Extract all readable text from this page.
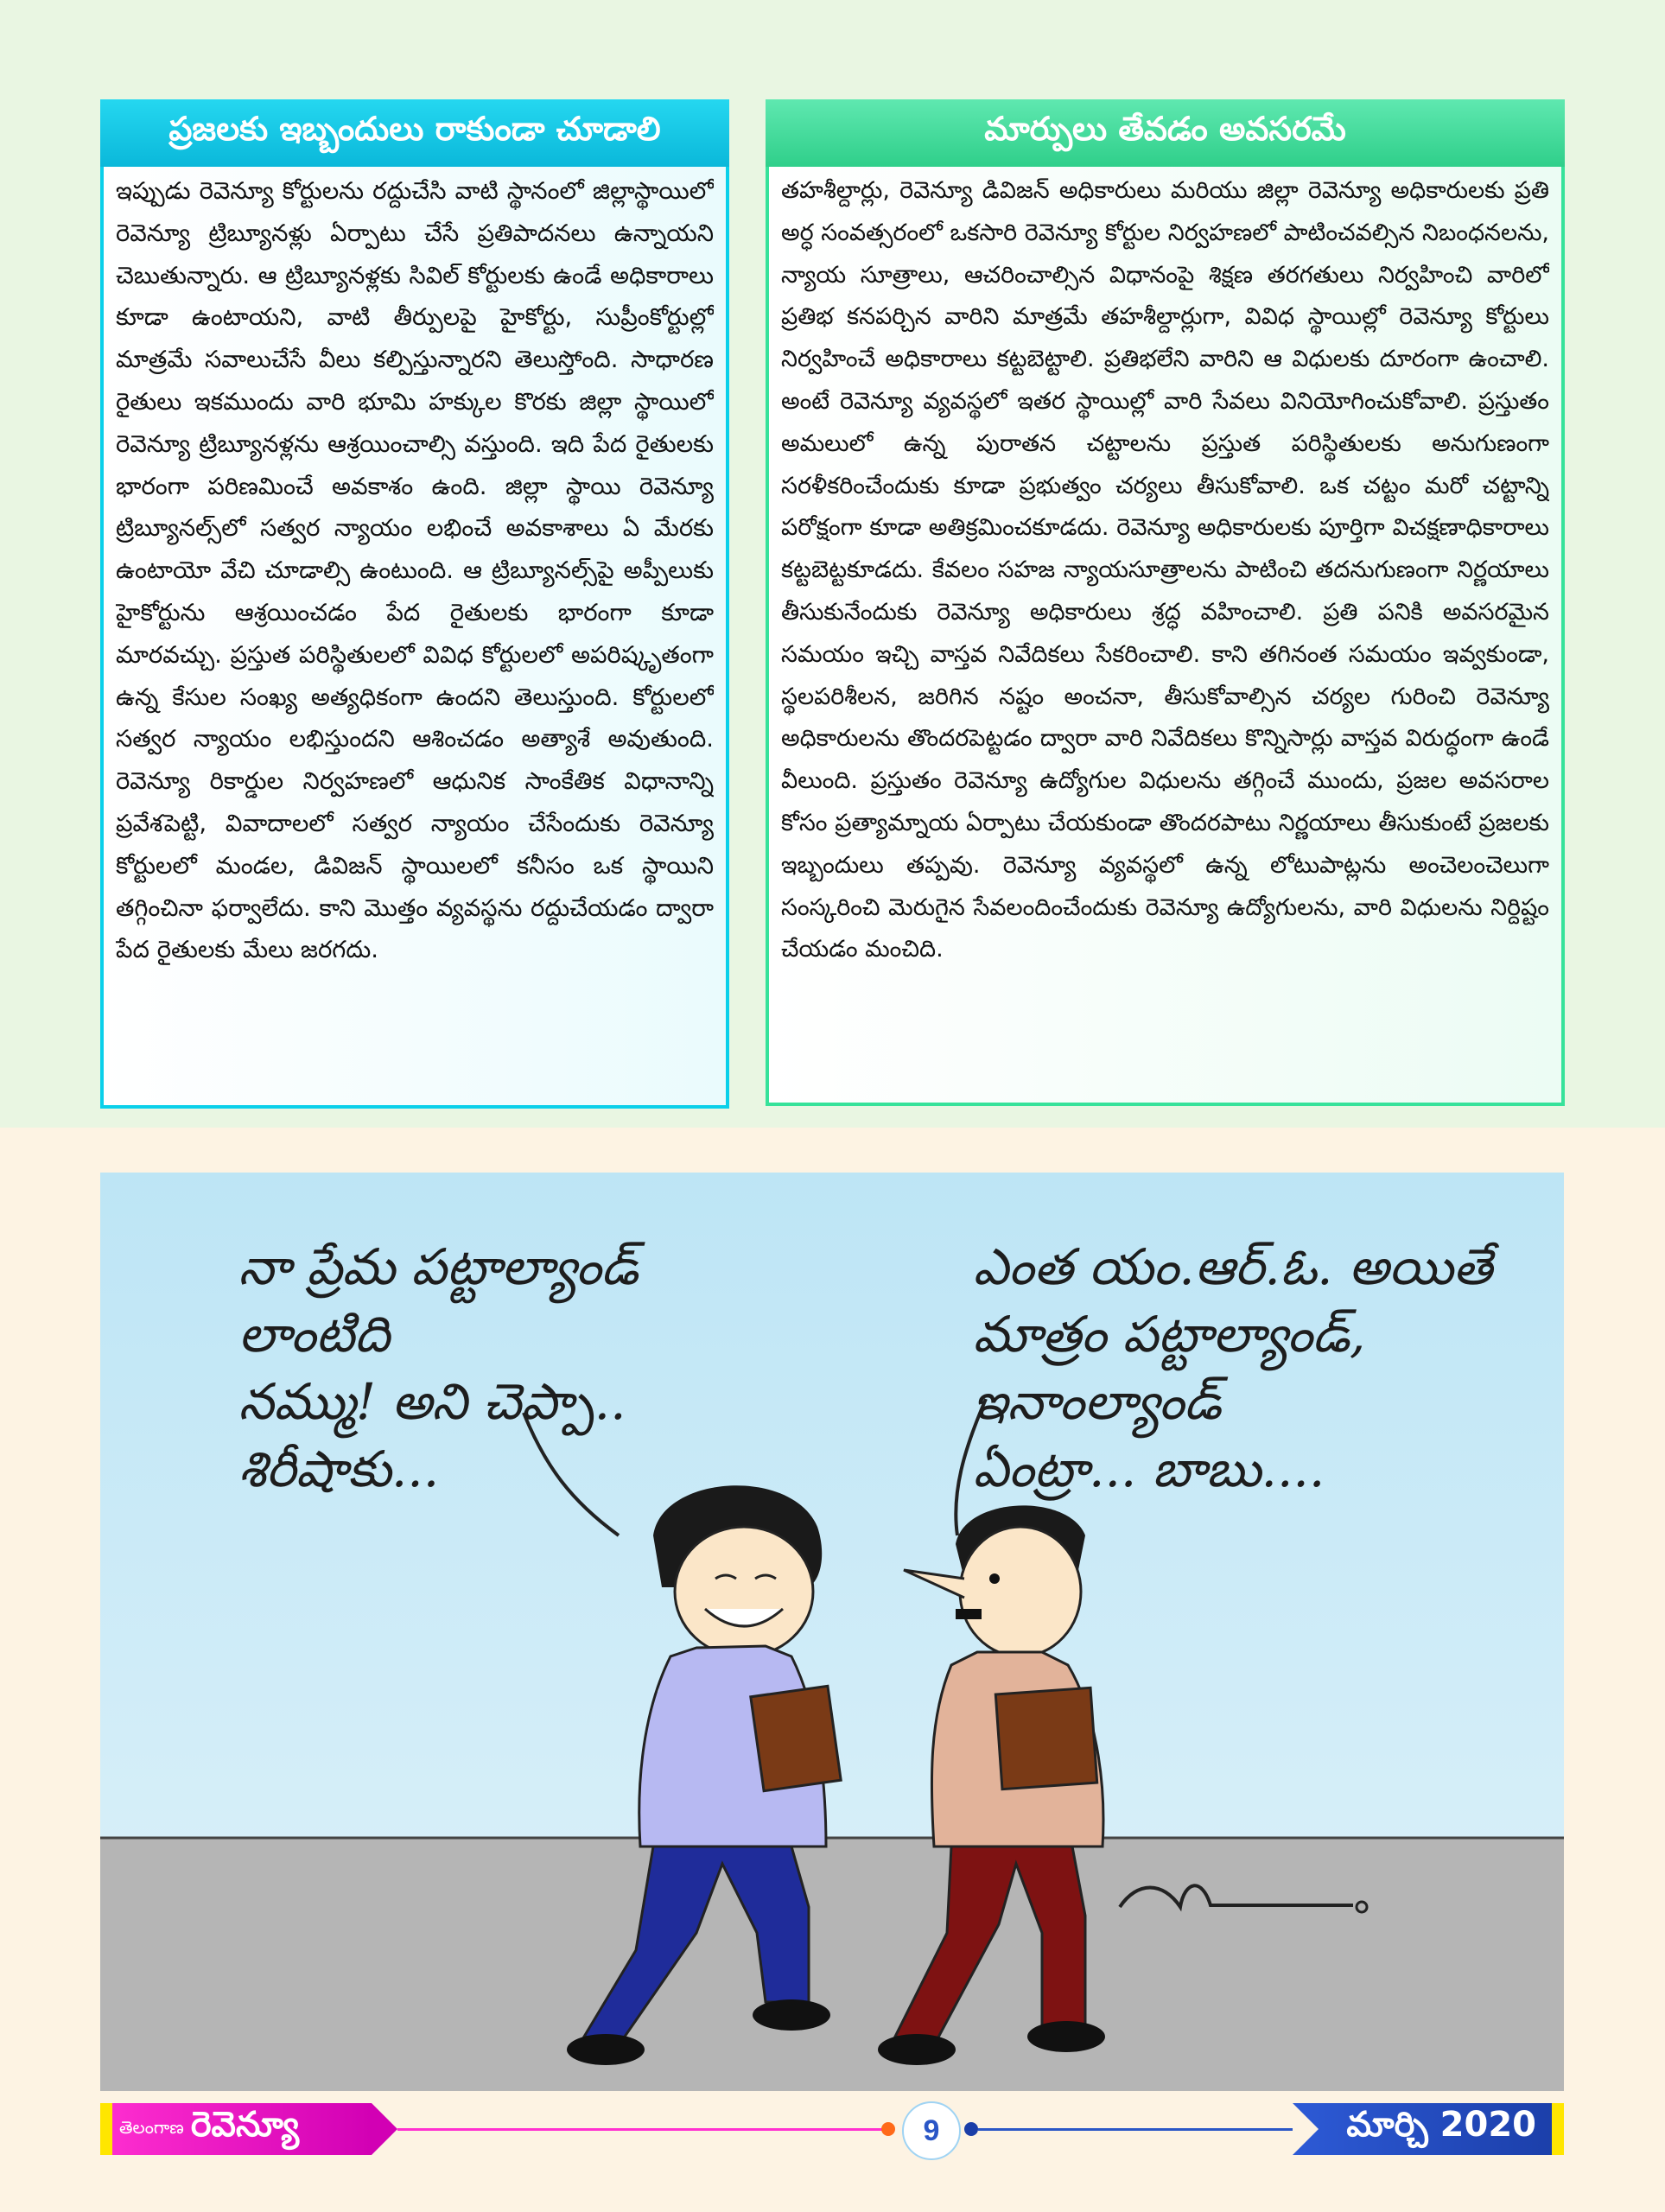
ప్రజలకు ఇబ్బందులు రాకుండా చూడాలి
ఇప్పుడు రెవెన్యూ కోర్టులను రద్దుచేసి వాటి స్థానంలో జిల్లాస్థాయిలో రెవెన్యూ ట్రిబ్యూనళ్లు ఏర్పాటు చేసే ప్రతిపాదనలు ఉన్నాయని చెబుతున్నారు. ఆ ట్రిబ్యూనళ్లకు సివిల్ కోర్టులకు ఉండే అధికారాలు కూడా ఉంటాయని, వాటి తీర్పులపై హైకోర్టు, సుప్రీంకోర్టుల్లో మాత్రమే సవాలుచేసే వీలు కల్పిస్తున్నారని తెలుస్తోంది. సాధారణ రైతులు ఇకముందు వారి భూమి హక్కుల కొరకు జిల్లా స్థాయిలో రెవెన్యూ ట్రిబ్యూనళ్లను ఆశ్రయించాల్సి వస్తుంది. ఇది పేద రైతులకు భారంగా పరిణమించే అవకాశం ఉంది. జిల్లా స్థాయి రెవెన్యూ ట్రిబ్యూనల్స్‌లో సత్వర న్యాయం లభించే అవకాశాలు ఏ మేరకు ఉంటాయో వేచి చూడాల్సి ఉంటుంది. ఆ ట్రిబ్యూనల్స్‌పై అప్పీలుకు హైకోర్టును ఆశ్రయించడం పేద రైతులకు భారంగా కూడా మారవచ్చు. ప్రస్తుత పరిస్థితులలో వివిధ కోర్టులలో అపరిష్కృతంగా ఉన్న కేసుల సంఖ్య అత్యధికంగా ఉందని తెలుస్తుంది. కోర్టులలో సత్వర న్యాయం లభిస్తుందని ఆశించడం అత్యాశే అవుతుంది. రెవెన్యూ రికార్డుల నిర్వహణలో ఆధునిక సాంకేతిక విధానాన్ని ప్రవేశపెట్టి, వివాదాలలో సత్వర న్యాయం చేసేందుకు రెవెన్యూ కోర్టులలో మండల, డివిజన్ స్థాయిలలో కనీసం ఒక స్థాయిని తగ్గించినా ఫర్వాలేదు. కాని మొత్తం వ్యవస్థను రద్దుచేయడం ద్వారా పేద రైతులకు మేలు జరగదు.
మార్పులు తేవడం అవసరమే
తహశీల్దార్లు, రెవెన్యూ డివిజన్ అధికారులు మరియు జిల్లా రెవెన్యూ అధికారులకు ప్రతి అర్ధ సంవత్సరంలో ఒకసారి రెవెన్యూ కోర్టుల నిర్వహణలో పాటించవల్సిన నిబంధనలను, న్యాయ సూత్రాలు, ఆచరించాల్సిన విధానంపై శిక్షణ తరగతులు నిర్వహించి వారిలో ప్రతిభ కనపర్చిన వారిని మాత్రమే తహశీల్దార్లుగా, వివిధ స్థాయిల్లో రెవెన్యూ కోర్టులు నిర్వహించే అధికారాలు కట్టబెట్టాలి. ప్రతిభలేని వారిని ఆ విధులకు దూరంగా ఉంచాలి. అంటే రెవెన్యూ వ్యవస్థలో ఇతర స్థాయిల్లో వారి సేవలు వినియోగించుకోవాలి. ప్రస్తుతం అమలులో ఉన్న పురాతన చట్టాలను ప్రస్తుత పరిస్థితులకు అనుగుణంగా సరళీకరించేందుకు కూడా ప్రభుత్వం చర్యలు తీసుకోవాలి. ఒక చట్టం మరో చట్టాన్ని పరోక్షంగా కూడా అతిక్రమించకూడదు. రెవెన్యూ అధికారులకు పూర్తిగా విచక్షణాధికారాలు కట్టబెట్టకూడదు. కేవలం సహజ న్యాయసూత్రాలను పాటించి తదనుగుణంగా నిర్ణయాలు తీసుకునేందుకు రెవెన్యూ అధికారులు శ్రద్ధ వహించాలి. ప్రతి పనికి అవసరమైన సమయం ఇచ్చి వాస్తవ నివేదికలు సేకరించాలి. కాని తగినంత సమయం ఇవ్వకుండా, స్థలపరిశీలన, జరిగిన నష్టం అంచనా, తీసుకోవాల్సిన చర్యల గురించి రెవెన్యూ అధికారులను తొందరపెట్టడం ద్వారా వారి నివేదికలు కొన్నిసార్లు వాస్తవ విరుద్ధంగా ఉండే వీలుంది. ప్రస్తుతం రెవెన్యూ ఉద్యోగుల విధులను తగ్గించే ముందు, ప్రజల అవసరాల కోసం ప్రత్యామ్నాయ ఏర్పాటు చేయకుండా తొందరపాటు నిర్ణయాలు తీసుకుంటే ప్రజలకు ఇబ్బందులు తప్పవు. రెవెన్యూ వ్యవస్థలో ఉన్న లోటుపాట్లను అంచెలంచెలుగా సంస్కరించి మెరుగైన సేవలందించేందుకు రెవెన్యూ ఉద్యోగులను, వారి విధులను నిర్దిష్టం చేయడం మంచిది.
నా ప్రేమ పట్టాల్యాండ్ లాంటిది
నమ్ము! అని చెప్పా.. శిరీషాకు...
ఎంత యం.ఆర్.ఓ. అయితే
మాత్రం పట్టాల్యాండ్, ఇనాంల్యాండ్
ఏంట్రా... బాబు....
తెలంగాణ రెవెన్యూ	9	మార్చి 2020
